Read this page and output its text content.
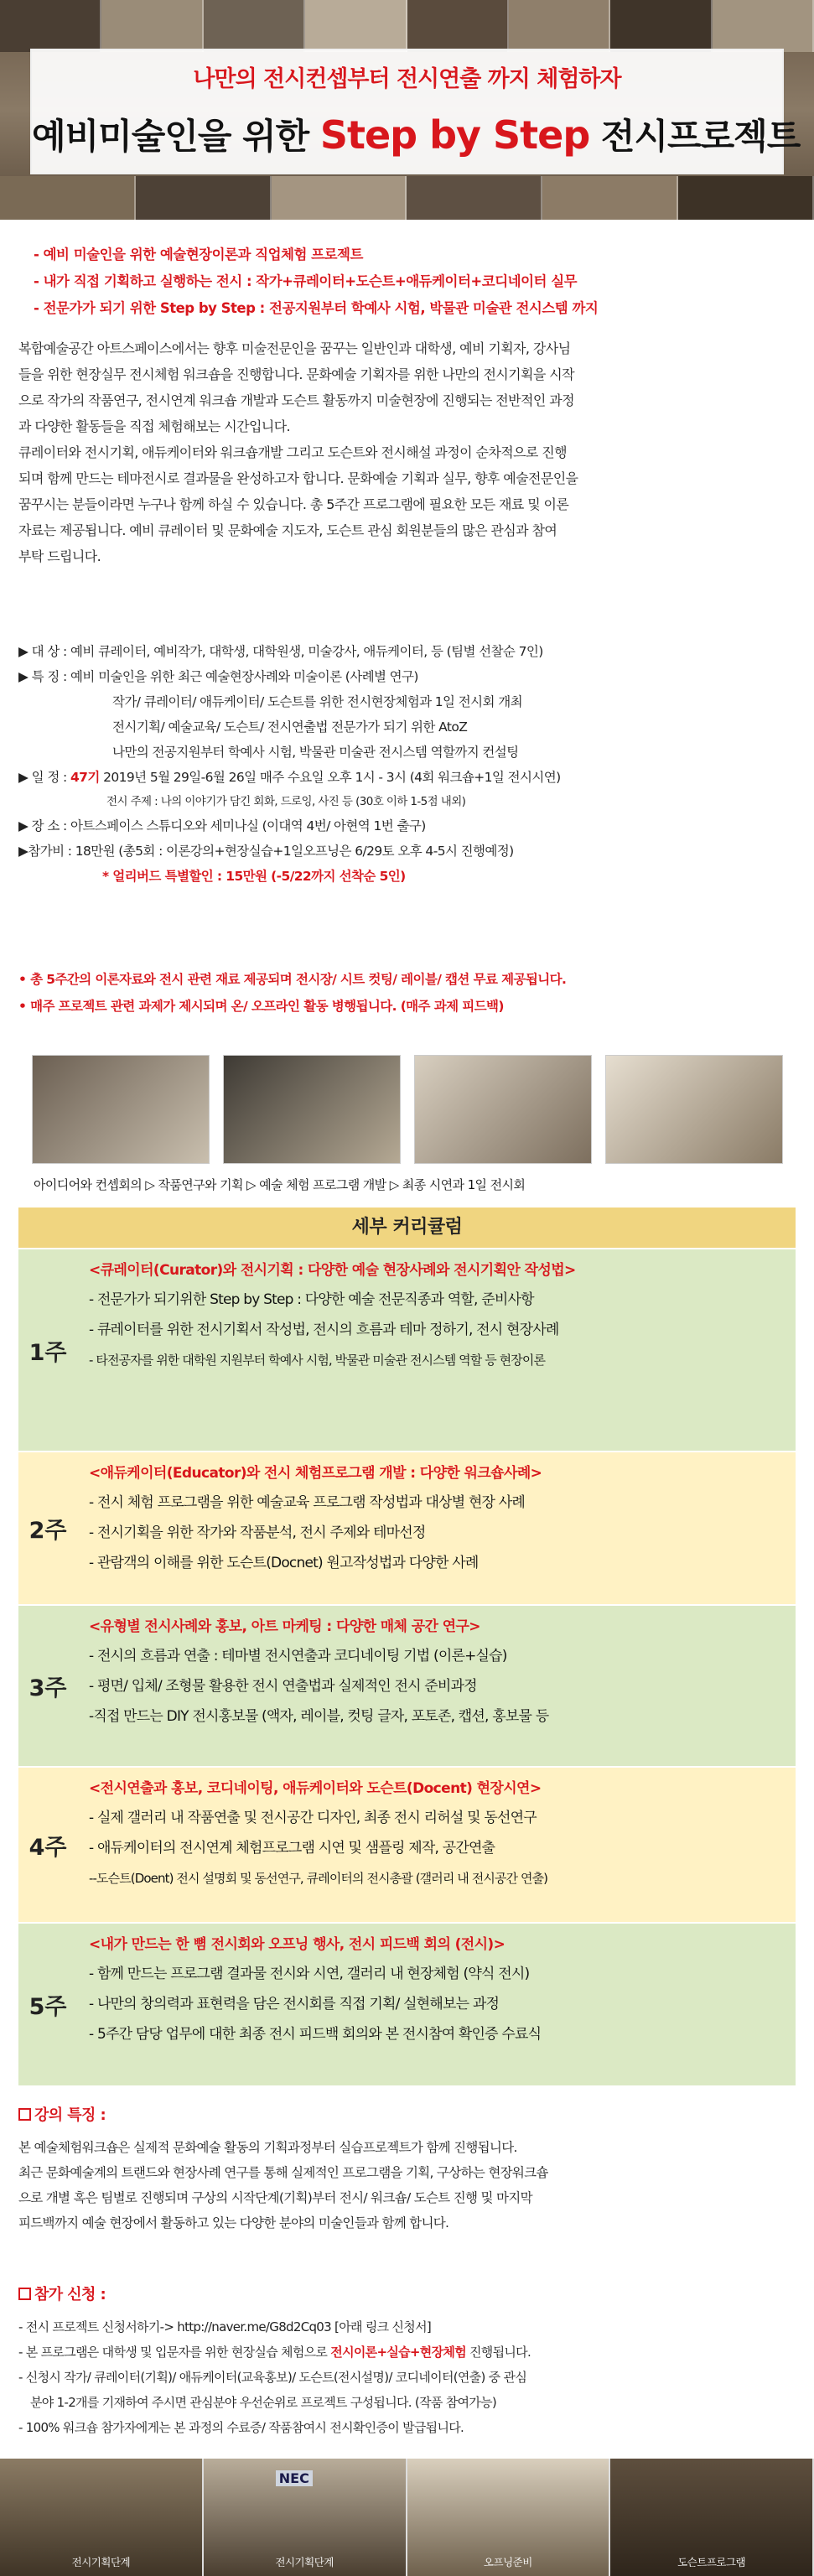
나만의 전시컨셉부터 전시연출 까지 체험하자
예비미술인을 위한 Step by Step 전시프로젝트
- 예비 미술인을 위한 예술현장이론과 직업체험 프로젝트
- 내가 직접 기획하고 실행하는 전시 : 작가+큐레이터+도슨트+애듀케이터+코디네이터 실무
- 전문가가 되기 위한 Step by Step : 전공지원부터 학예사 시험, 박물관 미술관 전시스템 까지
복합예술공간 아트스페이스에서는 향후 미술전문인을 꿈꾸는 일반인과 대학생, 예비 기획자, 강사님
들을 위한 현장실무 전시체험 워크숍을 진행합니다. 문화예술 기획자를 위한 나만의 전시기획을 시작
으로 작가의 작품연구, 전시연계 워크숍 개발과 도슨트 활동까지 미술현장에 진행되는 전반적인 과정
과 다양한 활동들을 직접 체험해보는 시간입니다.
큐레이터와 전시기획, 애듀케이터와 워크숍개발 그리고 도슨트와 전시해설 과정이 순차적으로 진행
되며 함께 만드는 테마전시로 결과물을 완성하고자 합니다. 문화예술 기획과 실무, 향후 예술전문인을
꿈꾸시는 분들이라면 누구나 함께 하실 수 있습니다. 총 5주간 프로그램에 필요한 모든 재료 및 이론
자료는 제공됩니다. 예비 큐레이터 및 문화예술 지도자, 도슨트 관심 회원분들의 많은 관심과 참여
부탁 드립니다.
▶ 대 상 : 예비 큐레이터, 예비작가, 대학생, 대학원생, 미술강사, 애듀케이터, 등 (팀별 선찰순 7인)
▶ 특 징 : 예비 미술인을 위한 최근 예술현장사례와 미술이론 (사례별 연구)
작가/ 큐레이터/ 애듀케이터/ 도슨트를 위한 전시현장체험과 1일 전시회 개최
전시기획/ 예술교육/ 도슨트/ 전시연출법 전문가가 되기 위한 AtoZ
나만의 전공지원부터 학예사 시험, 박물관 미술관 전시스템 역할까지 컨설팅
▶ 일 정 : 47기 2019년 5월 29일-6월 26일 매주 수요일 오후 1시 - 3시 (4회 워크숍+1일 전시시연)
전시 주제 : 나의 이야기가 담긴 회화, 드로잉, 사진 등 (30호 이하 1-5점 내외)
▶ 장 소 : 아트스페이스 스튜디오와 세미나실 (이대역 4번/ 아현역 1번 출구)
▶참가비 : 18만원 (총5회 : 이론강의+현장실습+1일오프닝은 6/29토 오후 4-5시 진행예정)
* 얼리버드 특별할인 : 15만원 (-5/22까지 선착순 5인)
• 총 5주간의 이론자료와 전시 관련 재료 제공되며 전시장/ 시트 컷팅/ 레이블/ 캡션 무료 제공됩니다.
• 매주 프로젝트 관련 과제가 제시되며 온/ 오프라인 활동 병행됩니다. (매주 과제 피드백)
아이디어와 컨셉회의 ▷ 작품연구와 기획 ▷ 예술 체험 프로그램 개발 ▷ 최종 시연과 1일 전시회
세부 커리큘럼
1주
<큐레이터(Curator)와 전시기획 : 다양한 예술 현장사례와 전시기획안 작성법>
- 전문가가 되기위한 Step by Step : 다양한 예술 전문직종과 역할, 준비사항
- 큐레이터를 위한 전시기획서 작성법, 전시의 흐름과 테마 정하기, 전시 현장사례
- 타전공자를 위한 대학원 지원부터 학예사 시험, 박물관 미술관 전시스템 역할 등 현장이론
2주
<애듀케이터(Educator)와 전시 체험프로그램 개발 : 다양한 워크숍사례>
- 전시 체험 프로그램을 위한 예술교육 프로그램 작성법과 대상별 현장 사례
- 전시기획을 위한 작가와 작품분석, 전시 주제와 테마선정
- 관람객의 이해를 위한 도슨트(Docnet) 원고작성법과 다양한 사례
3주
<유형별 전시사례와 홍보, 아트 마케팅 : 다양한 매체 공간 연구>
- 전시의 흐름과 연출 : 테마별 전시연출과 코디네이팅 기법 (이론+실습)
- 평면/ 입체/ 조형물 활용한 전시 연출법과 실제적인 전시 준비과정
-직접 만드는 DIY 전시홍보물 (액자, 레이블, 컷팅 글자, 포토존, 캡션, 홍보물 등
4주
<전시연출과 홍보, 코디네이팅, 애듀케이터와 도슨트(Docent) 현장시연>
- 실제 갤러리 내 작품연출 및 전시공간 디자인, 최종 전시 리허설 및 동선연구
- 애듀케이터의 전시연계 체험프로그램 시연 및 샘플링 제작, 공간연출
--도슨트(Doent) 전시 설명회 및 동선연구, 큐레이터의 전시총괄 (갤러리 내 전시공간 연출)
5주
<내가 만드는 한 뼘 전시회와 오프닝 행사, 전시 피드백 회의 (전시)>
- 함께 만드는 프로그램 결과물 전시와 시연, 갤러리 내 현장체험 (약식 전시)
- 나만의 창의력과 표현력을 담은 전시회를 직접 기획/ 실현해보는 과정
- 5주간 담당 업무에 대한 최종 전시 피드백 회의와 본 전시참여 확인증 수료식
강의 특징 :
본 예술체험워크숍은 실제적 문화예술 활동의 기획과정부터 실습프로젝트가 함께 진행됩니다.
최근 문화예술계의 트랜드와 현장사례 연구를 통해 실제적인 프로그램을 기획, 구상하는 현장워크숍
으로 개별 혹은 팀별로 진행되며 구상의 시작단계(기획)부터 전시/ 워크숍/ 도슨트 진행 및 마지막
피드백까지 예술 현장에서 활동하고 있는 다양한 분야의 미술인들과 함께 합니다.
참가 신청 :
- 전시 프로젝트 신청서하기-> http://naver.me/G8d2Cq03 [아래 링크 신청서]
- 본 프로그램은 대학생 및 입문자를 위한 현장실습 체험으로 전시이론+실습+현장체험 진행됩니다.
- 신청시 작가/ 큐레이터(기획)/ 애듀케이터(교육홍보)/ 도슨트(전시설명)/ 코디네이터(연출) 중 관심
분야 1-2개를 기재하여 주시면 관심분야 우선순위로 프로젝트 구성됩니다. (작품 참여가능)
- 100% 워크숍 참가자에게는 본 과정의 수료증/ 작품참여시 전시확인증이 발급됩니다.
전시기획단계
NEC
전시기획단계	오프닝준비	도슨트프로그램
